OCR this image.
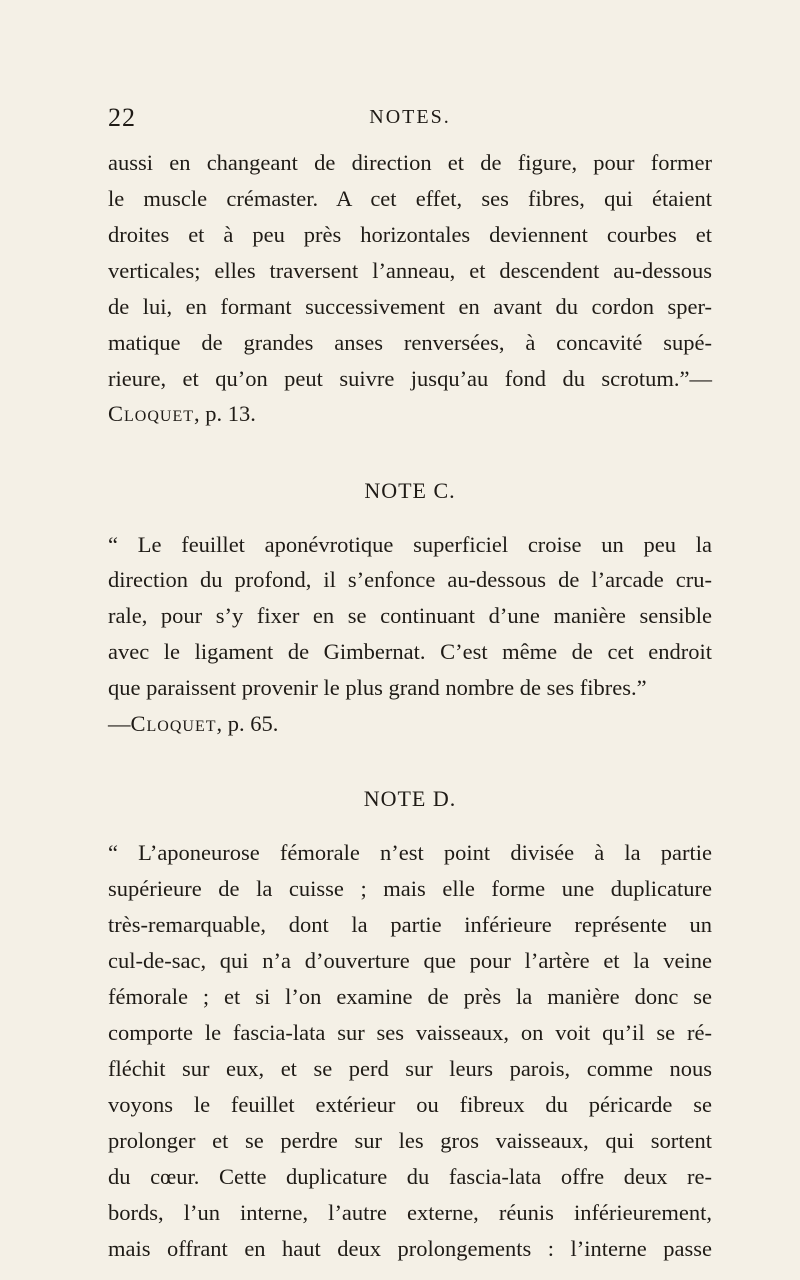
22	NOTES.
aussi en changeant de direction et de figure, pour former
le muscle crémaster. A cet effet, ses fibres, qui étaient
droites et à peu près horizontales deviennent courbes et
verticales; elles traversent l’anneau, et descendent au-dessous
de lui, en formant successivement en avant du cordon sper-
matique de grandes anses renversées, à concavité supé-
rieure, et qu’on peut suivre jusqu’au fond du scrotum.”—
Cloquet, p. 13.
NOTE C.
“ Le feuillet aponévrotique superficiel croise un peu la
direction du profond, il s’enfonce au-dessous de l’arcade cru-
rale, pour s’y fixer en se continuant d’une manière sensible
avec le ligament de Gimbernat. C’est même de cet endroit
que paraissent provenir le plus grand nombre de ses fibres.”
—Cloquet, p. 65.
NOTE D.
“ L’aponeurose fémorale n’est point divisée à la partie
supérieure de la cuisse ; mais elle forme une duplicature
très-remarquable, dont la partie inférieure représente un
cul-de-sac, qui n’a d’ouverture que pour l’artère et la veine
fémorale ; et si l’on examine de près la manière donc se
comporte le fascia-lata sur ses vaisseaux, on voit qu’il se ré-
fléchit sur eux, et se perd sur leurs parois, comme nous
voyons le feuillet extérieur ou fibreux du péricarde se
prolonger et se perdre sur les gros vaisseaux, qui sortent
du cœur. Cette duplicature du fascia-lata offre deux re-
bords, l’un interne, l’autre externe, réunis inférieurement,
mais offrant en haut deux prolongements : l’interne passe
